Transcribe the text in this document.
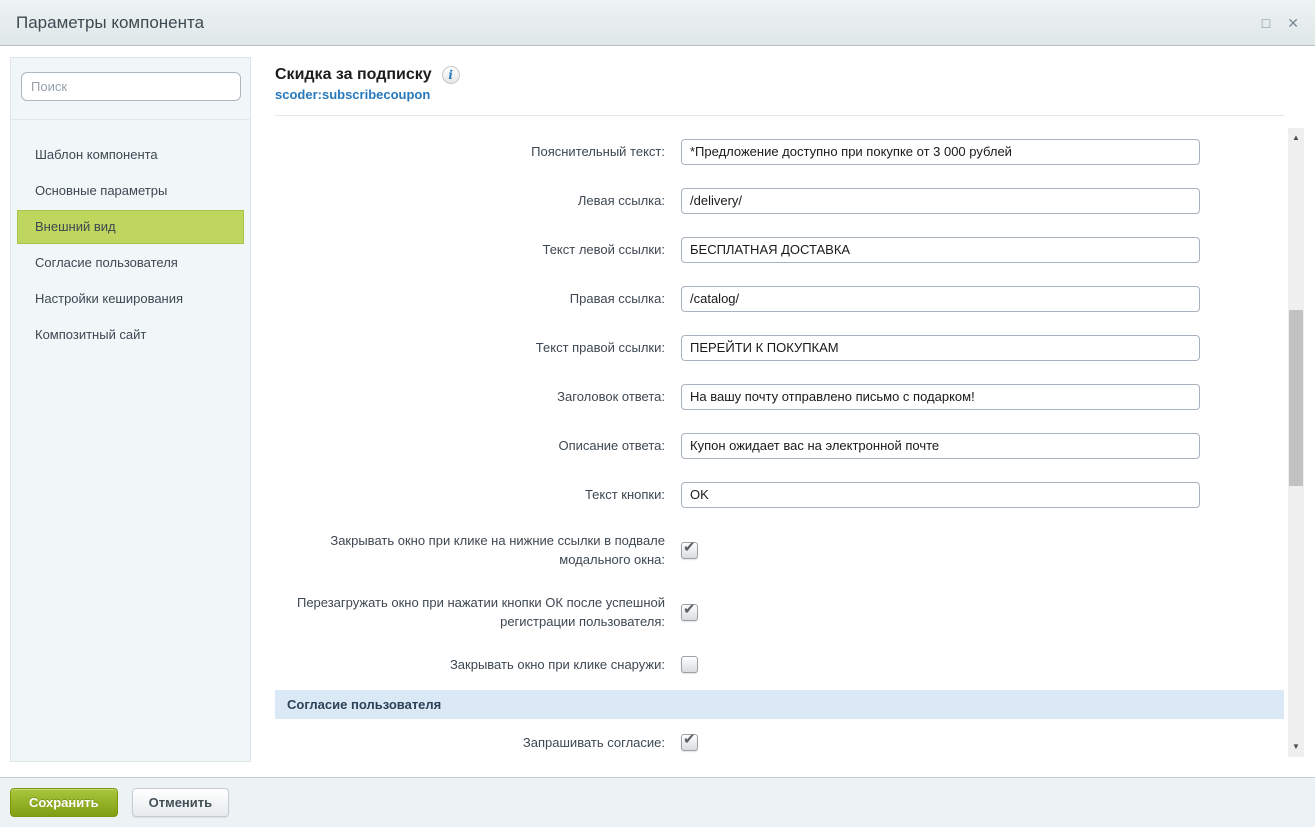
Параметры компонента	□ ✕
Поиск
Шаблон компонента
Основные параметры
Внешний вид
Согласие пользователя
Настройки кеширования
Композитный сайт
Скидка за подписку	i
scoder:subscribecoupon
Пояснительный текст:
*Предложение доступно при покупке от 3 000 рублей
Левая ссылка:
/delivery/
Текст левой ссылки:
БЕСПЛАТНАЯ ДОСТАВКА
Правая ссылка:
/catalog/
Текст правой ссылки:
ПЕРЕЙТИ К ПОКУПКАМ
Заголовок ответа:
На вашу почту отправлено письмо с подарком!
Описание ответа:
Купон ожидает вас на электронной почте
Текст кнопки:
OK
Закрывать окно при клике на нижние ссылки в подвале модального окна:
✔
Перезагружать окно при нажатии кнопки ОК после успешной регистрации пользователя:
✔
Закрывать окно при клике снаружи:
Согласие пользователя
Запрашивать согласие: ✔
▲
▼
Сохранить	Отменить
